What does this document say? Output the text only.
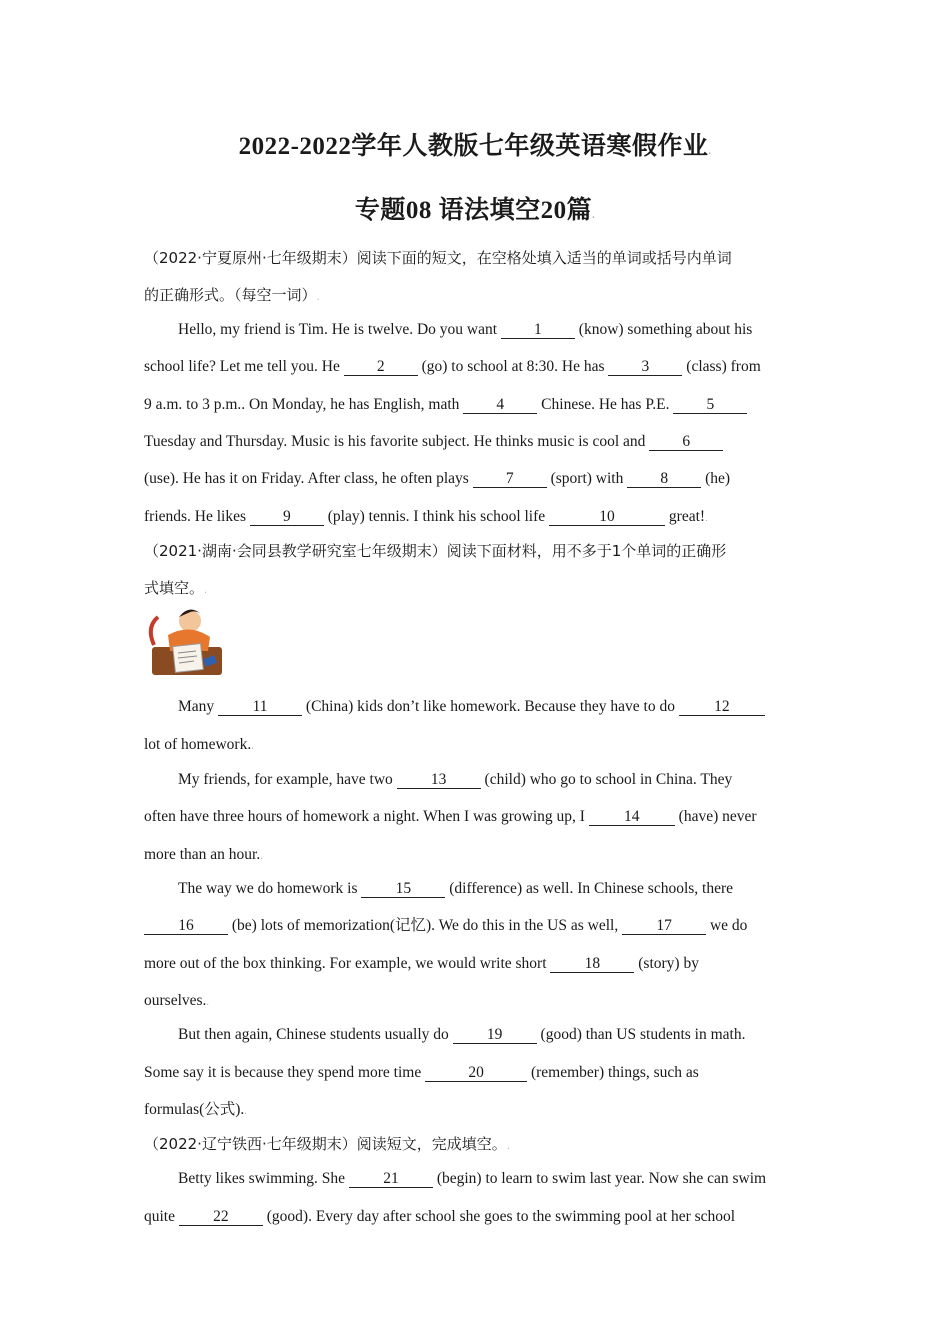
2022-2022学年人教版七年级英语寒假作业.
专题08 语法填空20篇.
（2022·宁夏原州·七年级期末）阅读下面的短文，在空格处填入适当的单词或括号内单词
的正确形式。（每空一词）.
Hello, my friend is Tim. He is twelve. Do you want 1 (know) something about his
school life? Let me tell you. He 2 (go) to school at 8:30. He has 3 (class) from
9 a.m. to 3 p.m.. On Monday, he has English, math 4 Chinese. He has P.E. 5
Tuesday and Thursday. Music is his favorite subject. He thinks music is cool and 6
(use). He has it on Friday. After class, he often plays 7 (sport) with 8 (he)
friends. He likes 9 (play) tennis. I think his school life	10	great!.
（2021·湖南·会同县教学研究室七年级期末）阅读下面材料，用不多于1个单词的正确形
式填空。.
Many 11 (China) kids don’t like homework. Because they have to do 12
lot of homework..
My friends, for example, have two 13 (child) who go to school in China. They
often have three hours of homework a night. When I was growing up, I 14 (have) never
more than an hour..
The way we do homework is 15 (difference) as well. In Chinese schools, there
16 (be) lots of memorization(记忆). We do this in the US as well, 17 we do
more out of the box thinking. For example, we would write short 18 (story) by
ourselves..
But then again, Chinese students usually do 19 (good) than US students in math.
Some say it is because they spend more time	20	(remember) things, such as
formulas(公式)..
（2022·辽宁铁西·七年级期末）阅读短文，完成填空。.
Betty likes swimming. She 21 (begin) to learn to swim last year. Now she can swim
quite 22 (good). Every day after school she goes to the swimming pool at her school
